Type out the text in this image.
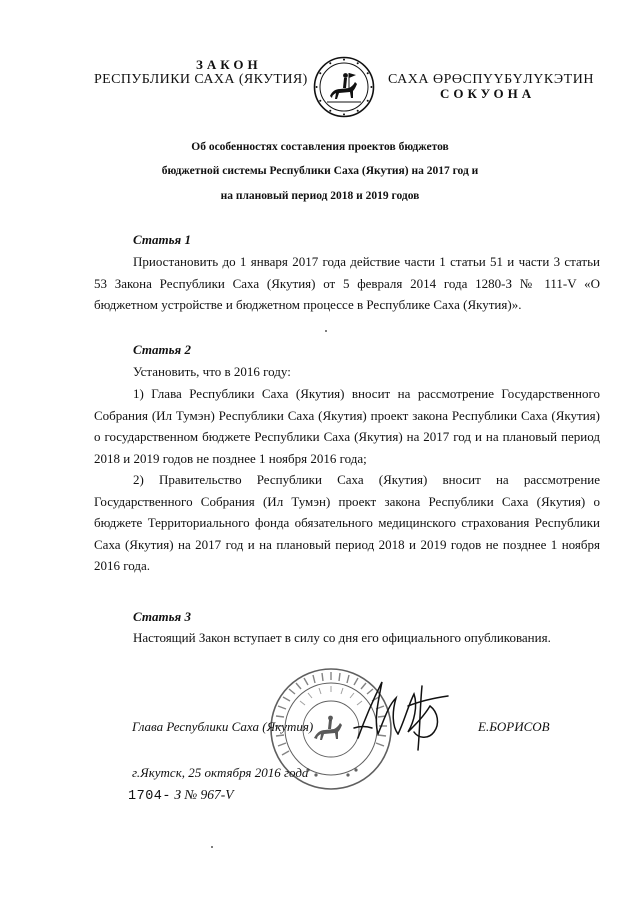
ЗАКОН
РЕСПУБЛИКИ САХА (ЯКУТИЯ)	САХА ӨРӨСПҮҮБҮЛҮКЭТИН
СОКУОНА
Об особенностях составления проектов бюджетов
бюджетной системы Республики Саха (Якутия) на 2017 год и
на плановый период 2018 и 2019 годов
Статья 1

Приостановить до 1 января 2017 года действие части 1 статьи 51 и части 3 статьи 53 Закона Республики Саха (Якутия) от 5 февраля 2014 года 1280-З № 111-V «О бюджетном устройстве и бюджетном процессе в Республике Саха (Якутия)».

Статья 2

Установить, что в 2016 году:

1) Глава Республики Саха (Якутия) вносит на рассмотрение Государственного Собрания (Ил Тумэн) Республики Саха (Якутия) проект закона Республики Саха (Якутия) о государственном бюджете Республики Саха (Якутия) на 2017 год и на плановый период 2018 и 2019 годов не позднее 1 ноября 2016 года;

2) Правительство Республики Саха (Якутия) вносит на рассмотрение Государственного Собрания (Ил Тумэн) проект закона Республики Саха (Якутия) о бюджете Территориального фонда обязательного медицинского страхования Республики Саха (Якутия) на 2017 год и на плановый период 2018 и 2019 годов не позднее 1 ноября 2016 года.

Статья 3

Настоящий Закон вступает в силу со дня его официального опубликования.

Глава Республики Саха (Якутия)	Е.БОРИСОВ
г.Якутск, 25 октября 2016 года
1704- З № 967-V
